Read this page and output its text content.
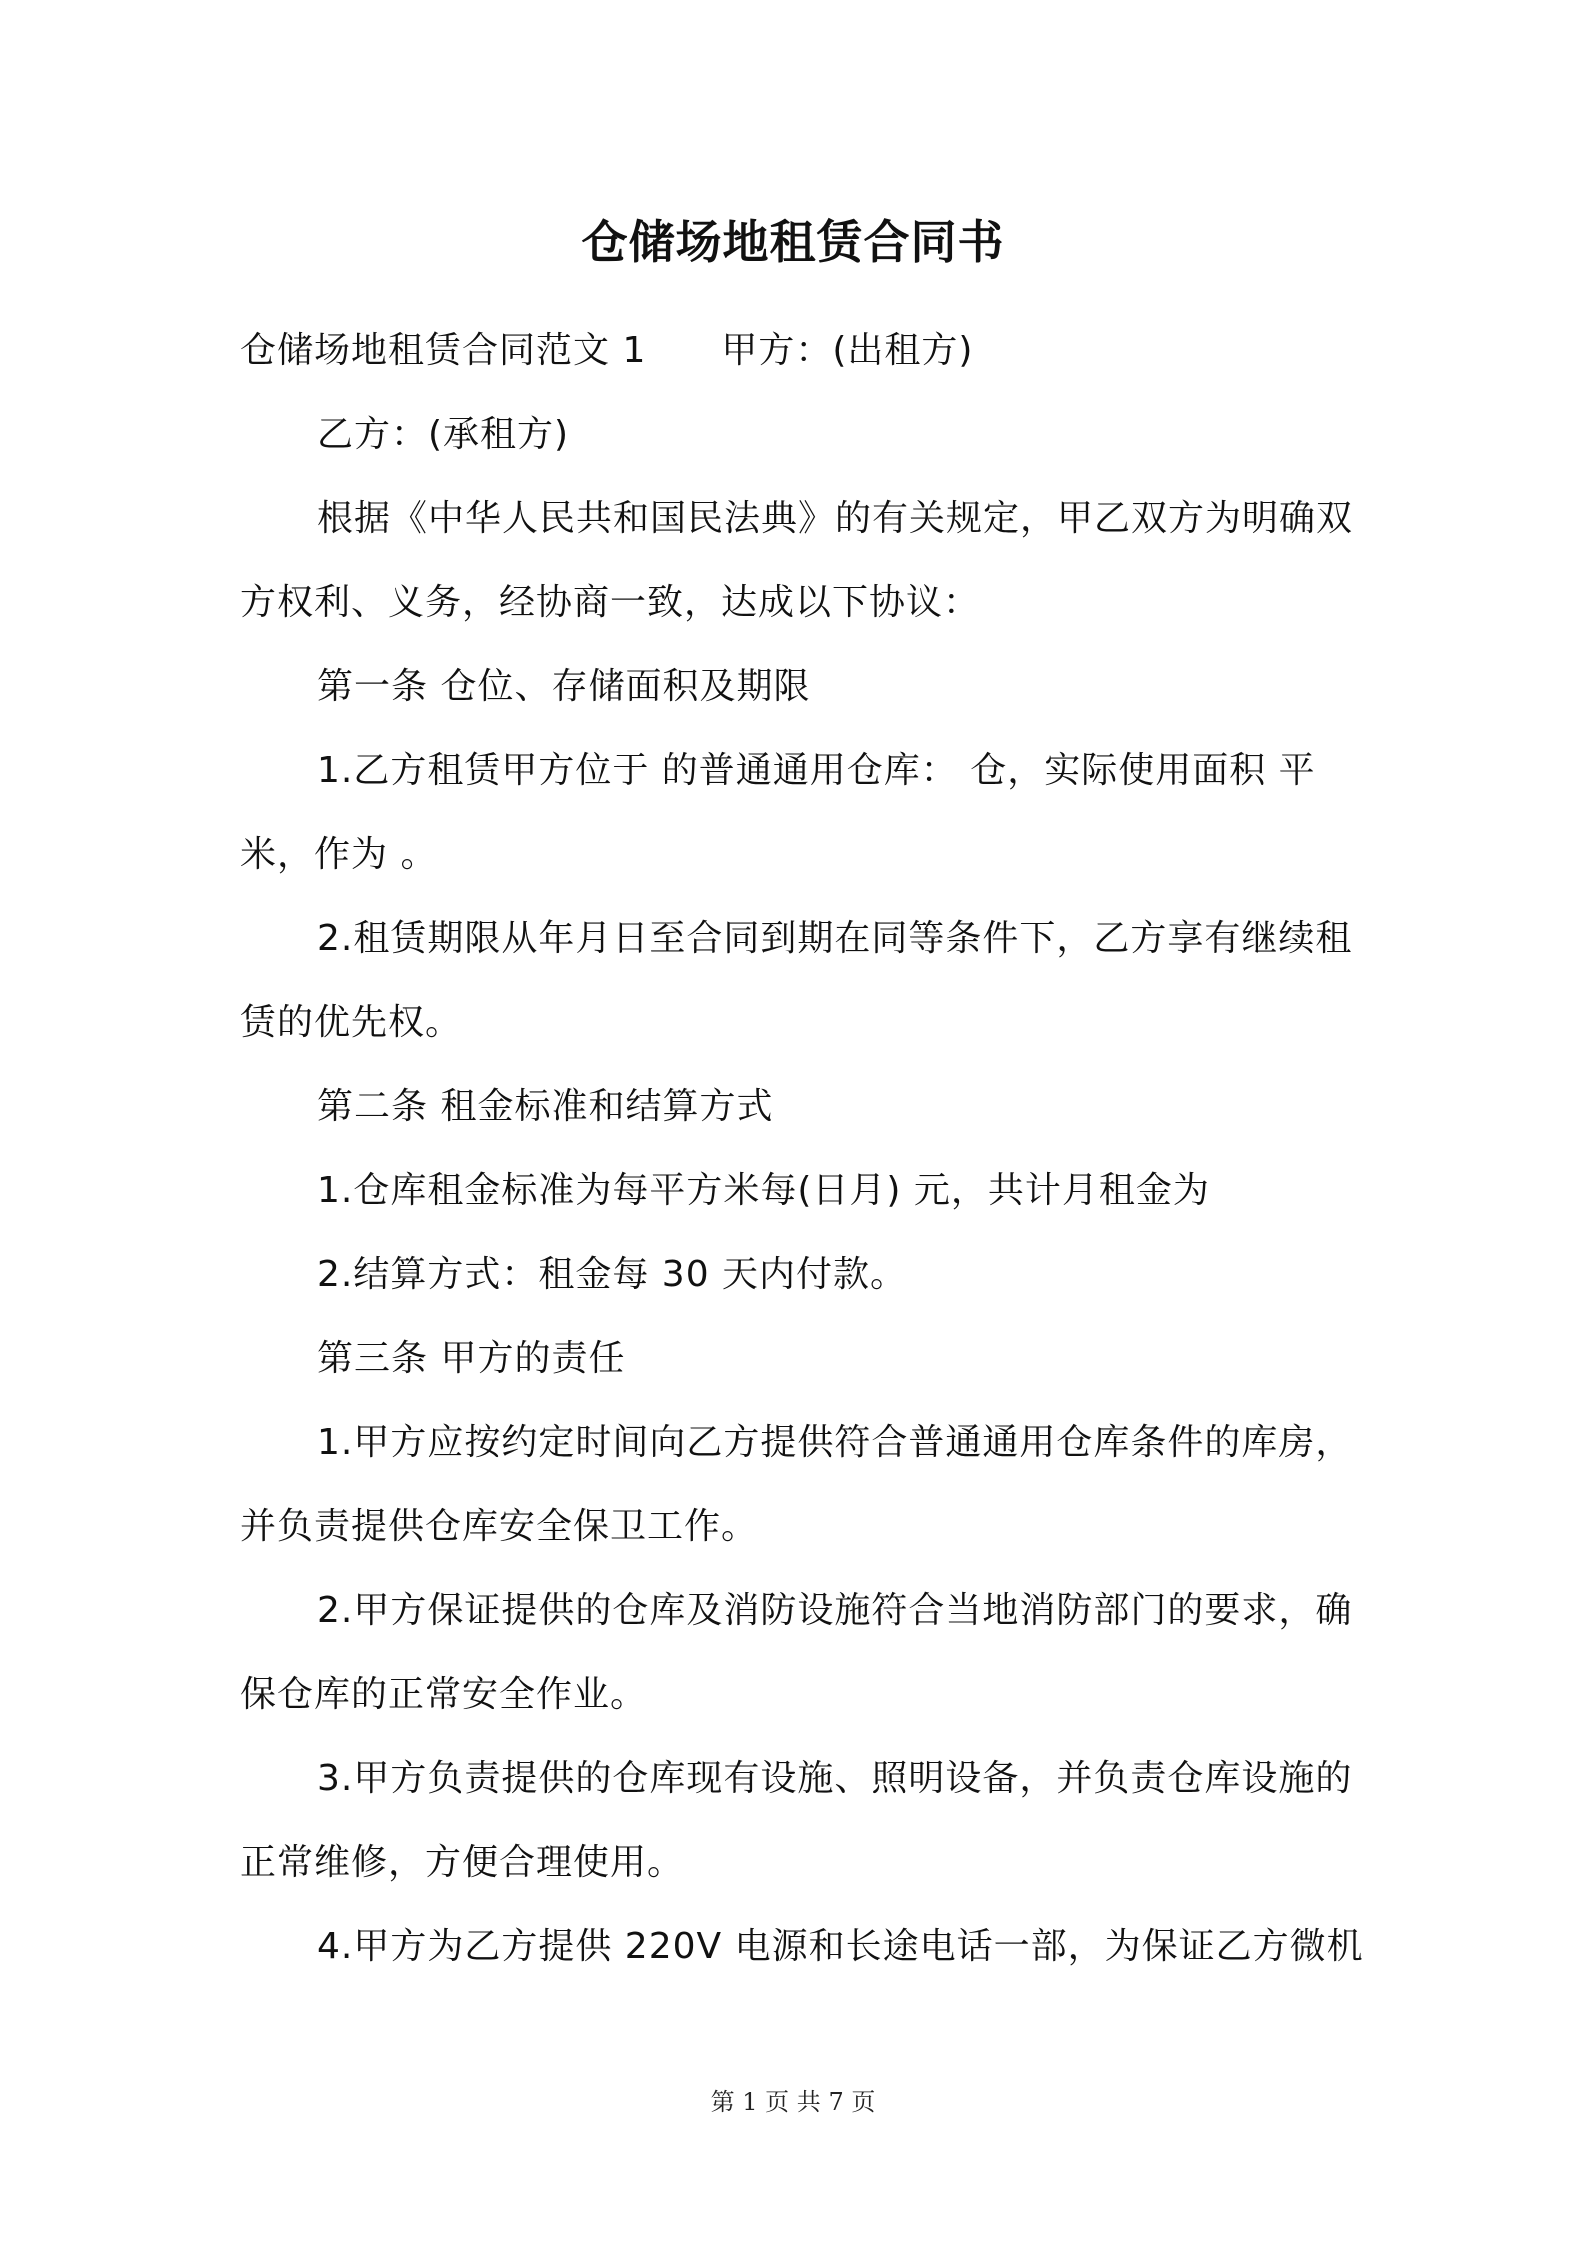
仓储场地租赁合同书
仓储场地租赁合同范文 1 甲方：(出租方)
乙方：(承租方)
根据《中华人民共和国民法典》的有关规定，甲乙双方为明确双
方权利、义务，经协商一致，达成以下协议：
第一条 仓位、存储面积及期限
1.乙方租赁甲方位于 的普通通用仓库： 仓，实际使用面积 平
米，作为 。
2.租赁期限从年月日至合同到期在同等条件下，乙方享有继续租
赁的优先权。
第二条 租金标准和结算方式
1.仓库租金标准为每平方米每(日月) 元，共计月租金为
2.结算方式：租金每 30 天内付款。
第三条 甲方的责任
1.甲方应按约定时间向乙方提供符合普通通用仓库条件的库房，
并负责提供仓库安全保卫工作。
2.甲方保证提供的仓库及消防设施符合当地消防部门的要求，确
保仓库的正常安全作业。
3.甲方负责提供的仓库现有设施、照明设备，并负责仓库设施的
正常维修，方便合理使用。
4.甲方为乙方提供 220V 电源和长途电话一部，为保证乙方微机
第 1 页 共 7 页
